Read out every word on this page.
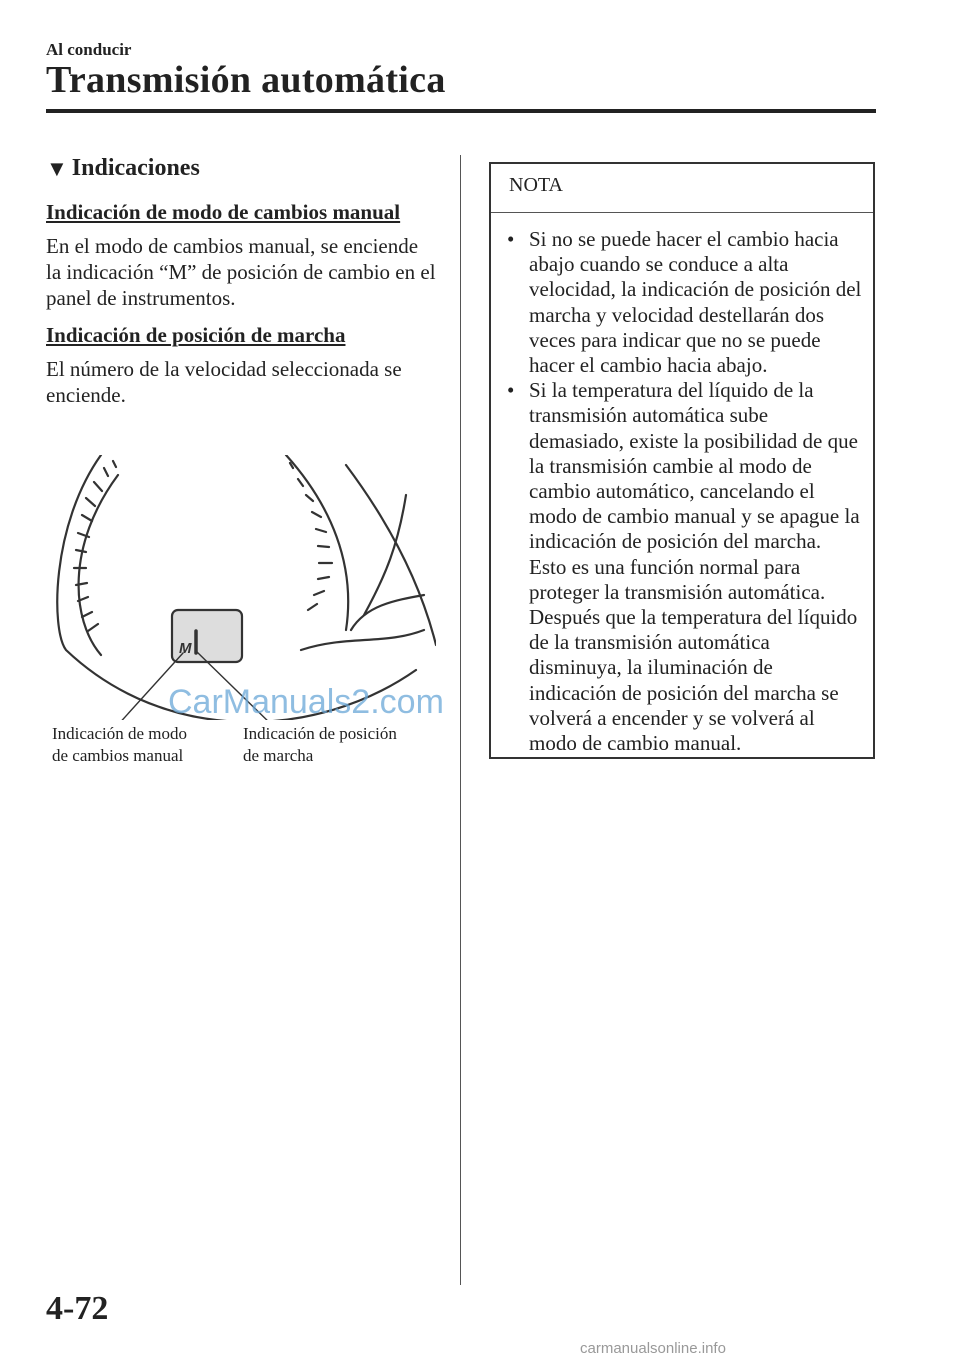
Al conducir
Transmisión automática
▼ Indicaciones
Indicación de modo de cambios manual

En el modo de cambios manual, se enciende la indicación “M” de posición de cambio en el panel de instrumentos.

Indicación de posición de marcha

El número de la velocidad seleccionada se enciende.

M
CarManuals2.com
Indicación de modo
de cambios manual
Indicación de posición
de marcha
NOTA
• Si no se puede hacer el cambio hacia abajo cuando se conduce a alta velocidad, la indicación de posición del marcha y velocidad destellarán dos veces para indicar que no se puede hacer el cambio hacia abajo.
• Si la temperatura del líquido de la transmisión automática sube demasiado, existe la posibilidad de que la transmisión cambie al modo de cambio automático, cancelando el modo de cambio manual y se apague la indicación de posición del marcha. Esto es una función normal para proteger la transmisión automática. Después que la temperatura del líquido de la transmisión automática disminuya, la iluminación de indicación de posición del marcha se volverá a encender y se volverá al modo de cambio manual.
4-72
carmanualsonline.info
